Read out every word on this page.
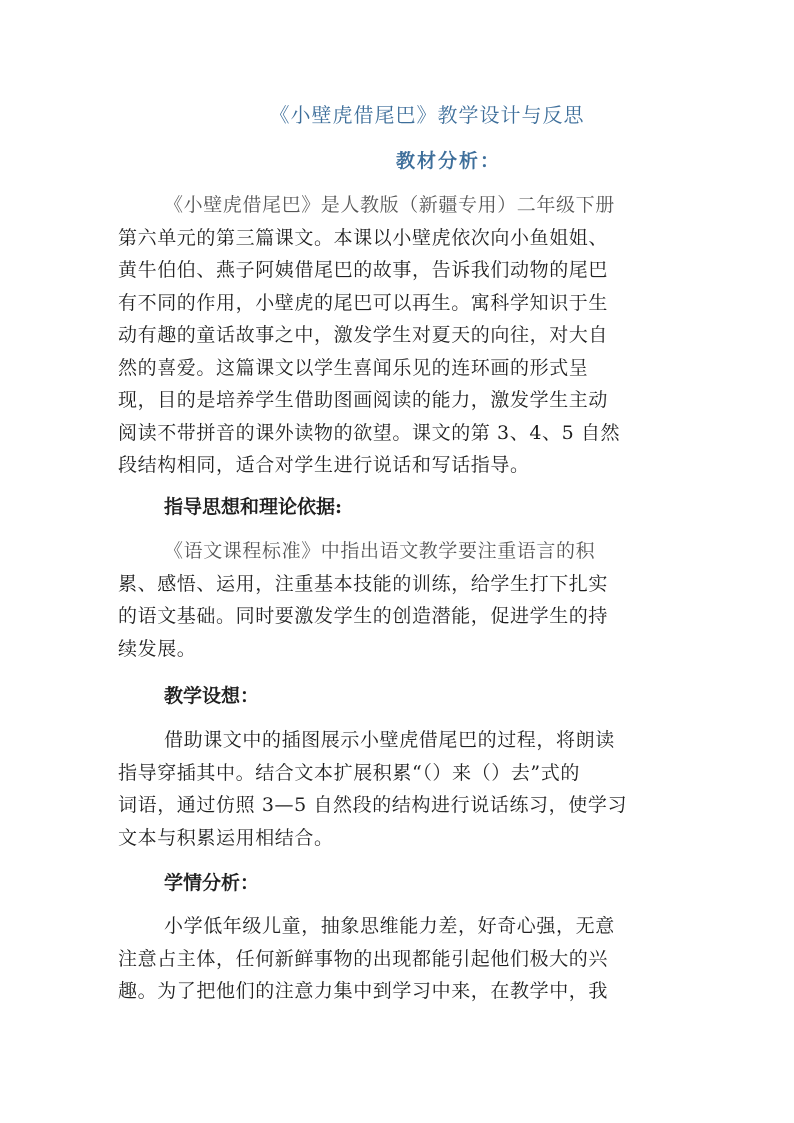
《小壁虎借尾巴》教学设计与反思
教材分析：
《小壁虎借尾巴》是人教版（新疆专用）二年级下册
第六单元的第三篇课文。本课以小壁虎依次向小鱼姐姐、
黄牛伯伯、燕子阿姨借尾巴的故事，告诉我们动物的尾巴
有不同的作用，小壁虎的尾巴可以再生。寓科学知识于生
动有趣的童话故事之中，激发学生对夏天的向往，对大自
然的喜爱。这篇课文以学生喜闻乐见的连环画的形式呈
现，目的是培养学生借助图画阅读的能力，激发学生主动
阅读不带拼音的课外读物的欲望。课文的第 3、4、5 自然
段结构相同，适合对学生进行说话和写话指导。
指导思想和理论依据:
《语文课程标准》中指出语文教学要注重语言的积
累、感悟、运用，注重基本技能的训练，给学生打下扎实
的语文基础。同时要激发学生的创造潜能，促进学生的持
续发展。
教学设想：
借助课文中的插图展示小壁虎借尾巴的过程，将朗读
指导穿插其中。结合文本扩展积累“（）来（）去”式的
词语，通过仿照 3—5 自然段的结构进行说话练习，使学习
文本与积累运用相结合。
学情分析：
小学低年级儿童，抽象思维能力差，好奇心强，无意
注意占主体，任何新鲜事物的出现都能引起他们极大的兴
趣。为了把他们的注意力集中到学习中来，在教学中，我
